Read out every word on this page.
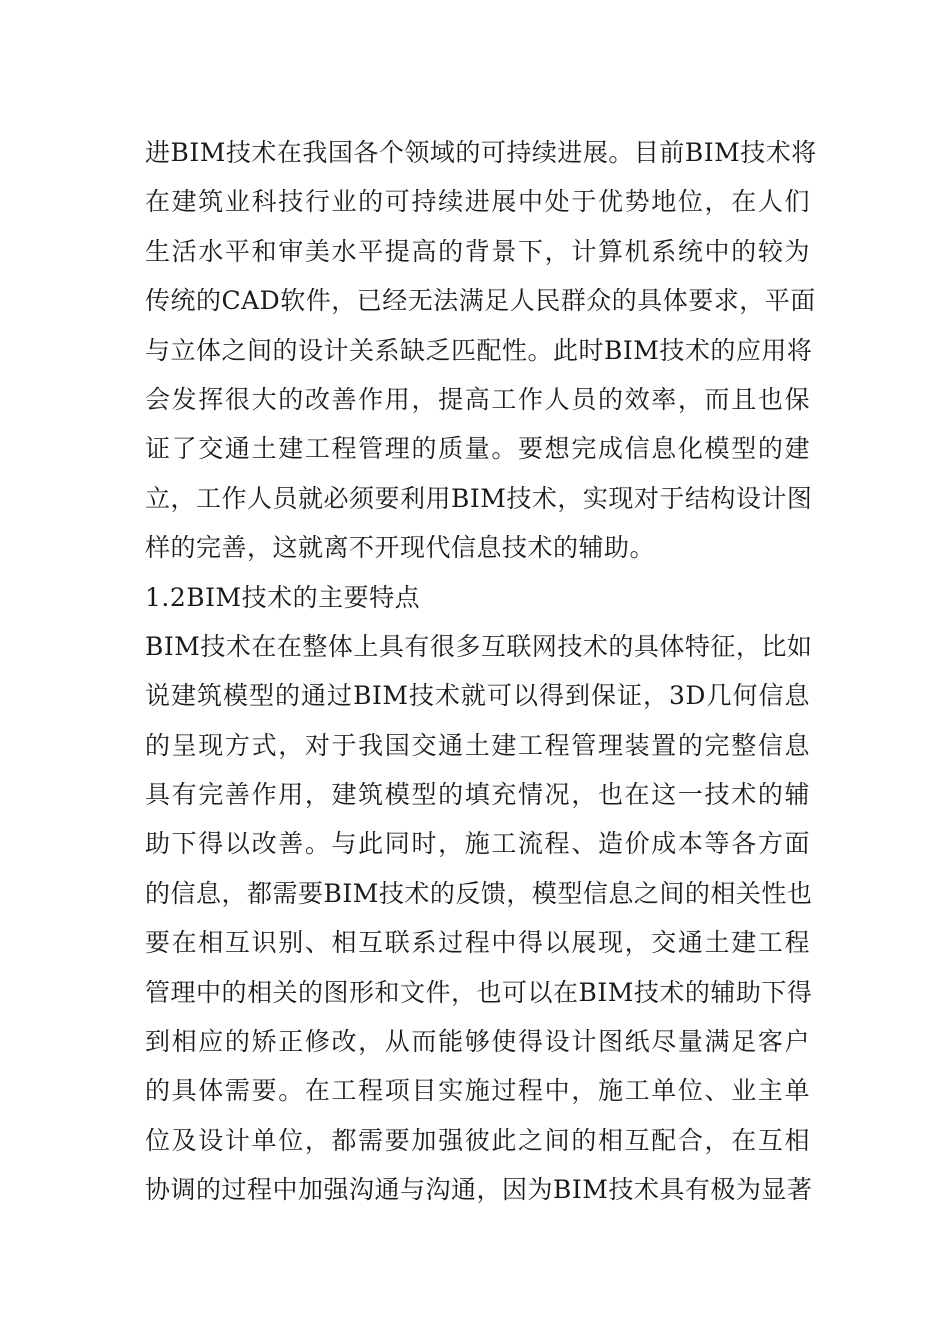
进BIM技术在我国各个领域的可持续进展。目前BIM技术将
在建筑业科技行业的可持续进展中处于优势地位，在人们
生活水平和审美水平提高的背景下，计算机系统中的较为
传统的CAD软件，已经无法满足人民群众的具体要求，平面
与立体之间的设计关系缺乏匹配性。此时BIM技术的应用将
会发挥很大的改善作用，提高工作人员的效率，而且也保
证了交通土建工程管理的质量。要想完成信息化模型的建
立，工作人员就必须要利用BIM技术，实现对于结构设计图
样的完善，这就离不开现代信息技术的辅助。
1.2BIM技术的主要特点
BIM技术在在整体上具有很多互联网技术的具体特征，比如
说建筑模型的通过BIM技术就可以得到保证，3D几何信息
的呈现方式，对于我国交通土建工程管理装置的完整信息
具有完善作用，建筑模型的填充情况，也在这一技术的辅
助下得以改善。与此同时，施工流程、造价成本等各方面
的信息，都需要BIM技术的反馈，模型信息之间的相关性也
要在相互识别、相互联系过程中得以展现，交通土建工程
管理中的相关的图形和文件，也可以在BIM技术的辅助下得
到相应的矫正修改，从而能够使得设计图纸尽量满足客户
的具体需要。在工程项目实施过程中，施工单位、业主单
位及设计单位，都需要加强彼此之间的相互配合，在互相
协调的过程中加强沟通与沟通，因为BIM技术具有极为显著
